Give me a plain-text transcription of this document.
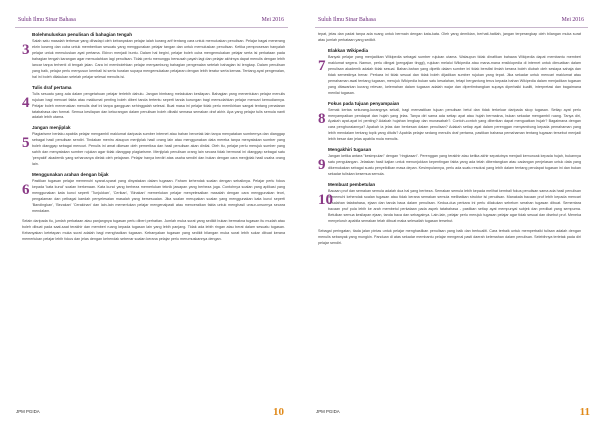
Suluh Ilmu Sinar Bahasa	Mei 2016
3
Bolehmuluskan penulisan di bahagian tengah

Salah satu masalah terbesar yang dihadapi oleh kebanyakan pelajar ialah kurang arif tentang cara untuk memuluskan penulisan. Pelajar bagai menerang ekrin koseng dan cuba untuk memberikan sesuatu yang menggunakan pelajar tangan dan untuk memuluskan penulisan. Ketika pemprosesan hanyalah pelajar untuk memuluskan ayat pertama. Ekiron menjadi buntu. Dalam hal begini, pelajar boleh cuba mengemukakan pelajar serta isi perkataan pada bahagian tengah karangan agar memudahkan lagi penulisan. Tidak perlu menunggu bersusah payah lagi dan pelajar akhirnya dapat menulis dengan lebih lancar tanpa terhenti di tengah jalan. Cara ini membolehkan pelajar menyambung bahagian pengenalan setelah bahagian isi lengkap. Dalam penulisan yang baik, pelajar perlu menyusun kembali isi serta huraian supaya mengemukakan pelajaran dengan lebih teratur serta kemas. Tentang ayat pengenalan, hal ini boleh dilakukan setelah pelajar selesai menulis isi.

4
Tulis draf pertama

Tulis sesuatu yang ada dalam pengetahuan pelajar terlebih dahulu. Jangan bimbang melakukan kesilapan. Bahagian yang menentukan pelajar menulis rujukan bagi mencari fakta atau maklumat penting boleh diberi tanda tertentu seperti tanda kurungan bagi memudahkan pelajar mencari kemudiannya. Pelajar boleh meneruskan menulis draf ini tanpa gangguan sehinggalah selesai. Buat masa ini pelajar tidak perlu memikirkan sangat tentang penataran tatabahasa dan format. Semua kesilapan dan kekurangan dalam penulisan boleh dibaiki semasa semakan draf akhir. Apa yang pelajar tulis semula nanti adalah lebih utama.

5
Jangan menjiplak

Plagiarisme berlaku apabila pelajar mengambil maklumat daripada sumber internet atau bahan bercetak lain tanpa menyatakan sumbernya dan dianggap sebagai hasil penulisan sendiri. Tindakan meniru ataupun menjiplak hasil orang lain atau menggunakan data mereka tanpa menyatakan sumber yang boleh dianggap sebagai mencuri. Penulis ini amat dikesan oleh pemeriksa dan hasil penulisan akan dinilai. Oleh itu, pelajar perlu merujuk sumber yang sahih dan menyatakan sumber rujukan agar tidak dianggap plagiarisme. Menjiplak penulisan orang lain secara tidak bermoral ini dianggap sebagai satu 'penyakit' akademik yang seharusnya dielak oleh pelajaran. Pelajar hanya berdiri atas usaha sendiri dan bukan dengan cara menjiplak hasil usaha orang lain.

6
Menggunakan arahan dengan bijak

Pastikan tugasan pelajar memenuhi syarat-syarat yang dinyatakan dalam tugasan. Faham kehendak soalan dengan sebaiknya. Pelajar perlu fokus kepada 'kata kunci' soalan berkenaan. Kata kunci yang berbeza memerlukan teknik jawapan yang berbeza juga. Contohnya soalan yang aplikasi yang menggunakan kata kunci seperti 'Tunjukkan', 'Cerikan', 'Binakan' memerlukan pelajar menyelesaikan masalah dengan cara menggunakan teori, pengalaman dan pelbagai kaedah penyelesaian masalah yang bersesuaian. Jika soalan merupakan soalan yang menggunakan kata kunci seperti 'Bandingkan', 'Bezakan' 'Cerakinan' dan lain-lain memerlukan pelajar mengenalpasti atau menceraikan fakta untuk menghasil unsur-unsurnya secara mendalam.

Selain daripada itu, jumlah perkataan atau panjangnya tugasan perlu diberi perhatian. Jumlah muka surat yang sedikit bukan bermakna tugasan itu mudah atau boleh dibuat pada saat-saat terakhir dan memberi ruang kepada tugasan lain yang lebih panjang. Tidak ada lebih ringan atau berat dalam sesuatu tugasan. Kebanyakan ketetapan muka surat adalah bagi menghadkan tugasan. Kebanyakan tugasan yang sedikit bilangan muka surat lebih sukar dibuat kerana memerlukan pelajar lebih fokus dan jelas dengan kehendak sebenar soalan kerana pelajar perlu merumuskannya dengan.

JPM PGIDA	10
Suluh Ilmu Sinar Bahasa	Mei 2016

tepat, jelas dan padat tanpa ada ruang untuk bermain dengan kata-kata. Oleh yang demikian, berhati-hatilah, jangan terperangkap oleh bilangan muka surat atau jumlah perkataan yang sedikit.

7
Elakkan Wikipedia

Banyak pelajar yang menjadikan Wikipedia sebagai sumber rujukan utama. Walaupun tidak dinafikan bahawa Wikipedia dapat membantu memberi maklumat segera. Namun, perlu diingat (pengajian tinggi), rujukan melalui Wikipedia atau mana-mana ensiklopedia di internet untuk dimuatkan dalam penulisan akademik adalah tidak sesuai. Bahan-bahan yang dipetik dalam sumber ini tidak bersifat ilmiah kerana boleh diubah oleh sesiapa sahaja dan tidak semestinya benar. Perkara ini tidak sesuai dan tidak boleh dijadikan sumber rujukan yang tepat. Jika sekadar untuk mencari maklumat atau pemahaman awal tentang tugasan, merujuk Wikipedia bukan satu kesalahan, tetapi bergantung terus kepada bahan Wikipedia dalam menjadikan tugasan yang ditawarkan kurang relevan, kelemahan dalam tugasan adalah wajar dan dipertimbangkan supaya diperbaiki kualiti, interpretasi dan bagaimana menilai tugasan.

8
Fokus pada tujuan penyampaian

Semak kertas sekurang-kurangnya sekali, bagi memastikan tujuan penulisan betul dan tidak terkeluar daripada skop tugasan. Setiap ayat perlu menyampaikan pendapat dan hujah yang jelas. Tanya diri sama ada setiap ayat atau hujah bermakna, bukan sekadar mengambil ruang. Tanya diri, Apakah ayat-ayat ini penting? Adakah hujahan lengkap dan munasabah?. Contoh-contoh yang diberikan dapat menguatkan hujah? Bagaimana dengan cara penghuraiannya? Apakah ia jelas dan berkesan dalam penulisan? Adakah setiap ayat dalam perenggan menyambung kepada pemahaman yang lebih mendalam tentang topik yang ditulis? Apabila pelajar sedang menulis draf pertama, pastikan bahawa pemahaman tentang tugasan tersebut menjadi lebih besar dan jelas apabila mula menulis.

9
Mengakhiri tugasan

Jangan ketika antara "kesimpulan" dengan "ringkasan". Perenggan yang terakhir atau ketika akhir sepatutnya menjadi kemuncak kepada hujah, bukannya satu pengulangan. Jelaskan hasil kajian untuk menunjukkan kepentingan fakta yang ada telah dibentangkan atau cadangan penjelasan untuk data yang dikemukakan sebagai suatu penyelidikan masa depan. Kesimpulannya, perlu ada suatu resolusi yang lebih dalam tentang pendapat tugasan ini dan bukan sekadar tuliskan kesemua semula.

10
Membuat pembetulan

Bacaan pruf dan semakan semula adalah dua hal yang berbeza. Semakan semula lebih kepada melihat kembali fokus penulisan sama ada hasil penulisan menemuhi kehendak soalan tugasan atau tidak kerana semakan semula melibatkan struktur isi penulisan. Manakala bacaan pruf lebih kepada mencari kesalahan tatabahasa, ejaan dan tanda baca dalam penulisan. Kedua-dua perkara ini perlu dilakukan sebelum serahan tugasan dibuat. Sementara bacaan pruf pula lebih ke arah membetul perkataan pada aspek tatabahasa - pastikan setiap ayat mempunyai subjek dan predikat yang sempurna. Betulkan semua kesilapan ejaan, tanda baca dan sebagainya. Lain-lain, pelajar perlu merujuk tugasan pelajar agar tidak sesuai dan disebut pruf. Meneka menyeluruh apabila semakan telah dibuat maka selesailah tugasan tersebut.

Sebagai peringatan, tiada jalan pintas untuk pelajar menghasilkan penulisan yang baik dan berkualiti. Cara terbaik untuk memperbaiki tulisan adalah dengan menulis sebanyak yang mungkin. Panduan di atas sekadar membantu pelajar mengenal pasti daerah kelemahan dalam penulisan. Selebihnya terletak pada diri pelajar sendiri.

JPM PGIDA	11
